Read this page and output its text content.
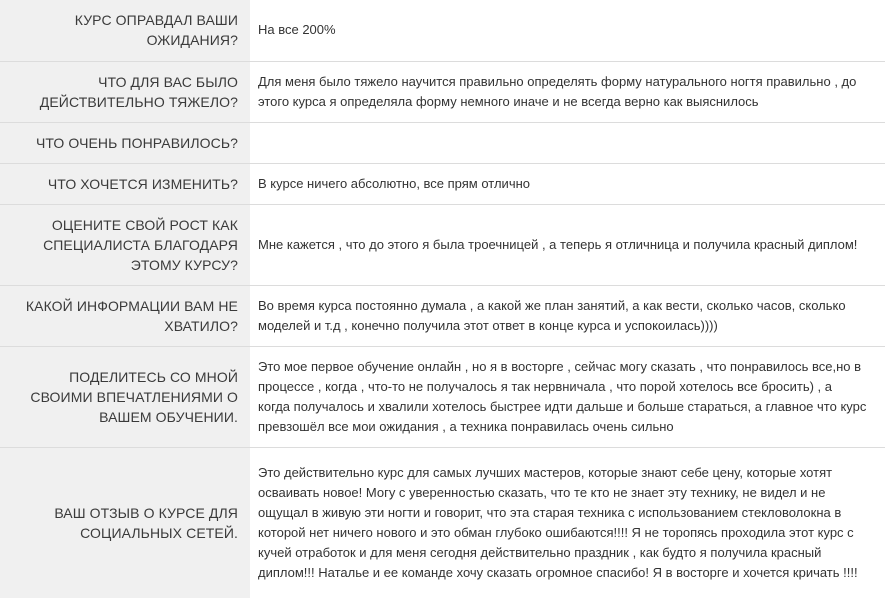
КУРС ОПРАВДАЛ ВАШИ ОЖИДАНИЯ?	На все 200%
ЧТО ДЛЯ ВАС БЫЛО ДЕЙСТВИТЕЛЬНО ТЯЖЕЛО?	Для меня было тяжело научится правильно определять форму натурального ногтя правильно , до этого курса я определяла форму немного иначе и не всегда верно как выяснилось
ЧТО ОЧЕНЬ ПОНРАВИЛОСЬ?	
ЧТО ХОЧЕТСЯ ИЗМЕНИТЬ?	В курсе ничего абсолютно, все прям отлично
ОЦЕНИТЕ СВОЙ РОСТ КАК СПЕЦИАЛИСТА БЛАГОДАРЯ ЭТОМУ КУРСУ?	Мне кажется , что до этого я была троечницей , а теперь я отличница и получила красный диплом!
КАКОЙ ИНФОРМАЦИИ ВАМ НЕ ХВАТИЛО?	Во время курса постоянно думала , а какой же план занятий, а как вести, сколько часов, сколько моделей и т.д , конечно получила этот ответ в конце курса и успокоилась))))
ПОДЕЛИТЕСЬ СО МНОЙ СВОИМИ ВПЕЧАТЛЕНИЯМИ О ВАШЕМ ОБУЧЕНИИ.	Это мое первое обучение онлайн , но я в восторге , сейчас могу сказать , что понравилось все,но в процессе , когда , что-то не получалось я так нервничала , что порой хотелось все бросить) , а когда получалось и хвалили хотелось быстрее идти дальше и больше стараться, а главное что курс превзошёл все мои ожидания , а техника понравилась очень сильно
ВАШ ОТЗЫВ О КУРСЕ ДЛЯ СОЦИАЛЬНЫХ СЕТЕЙ.	Это действительно курс для самых лучших мастеров, которые знают себе цену, которые хотят осваивать новое! Могу с уверенностью сказать, что те кто не знает эту технику, не видел и не ощущал в живую эти ногти и говорит, что эта старая техника с использованием стекловолокна в которой нет ничего нового и это обман глубоко ошибаются!!!! Я не торопясь проходила этот курс с кучей отработок и для меня сегодня действительно праздник , как будто я получила красный диплом!!! Наталье и ее команде хочу сказать огромное спасибо! Я в восторге и хочется кричать !!!!
